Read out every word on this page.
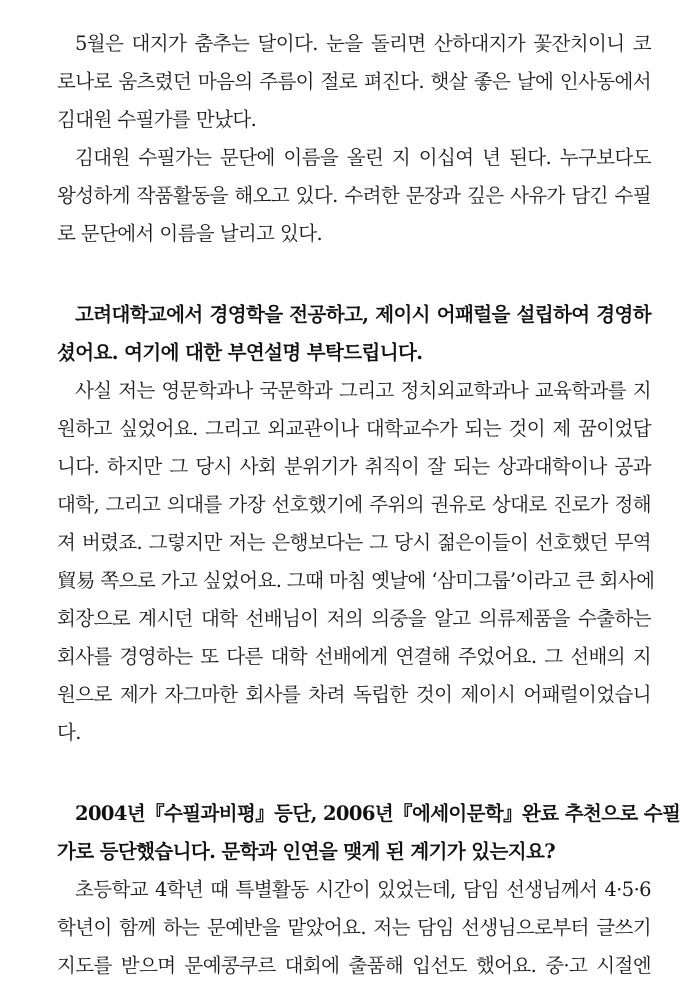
5월은 대지가 춤추는 달이다. 눈을 돌리면 산하대지가 꽃잔치이니 코
로나로 움츠렸던 마음의 주름이 절로 펴진다. 햇살 좋은 날에 인사동에서
김대원 수필가를 만났다.
김대원 수필가는 문단에 이름을 올린 지 이십여 년 된다. 누구보다도
왕성하게 작품활동을 해오고 있다. 수려한 문장과 깊은 사유가 담긴 수필
로 문단에서 이름을 날리고 있다.
고려대학교에서 경영학을 전공하고, 제이시 어패럴을 설립하여 경영하
셨어요. 여기에 대한 부연설명 부탁드립니다.
사실 저는 영문학과나 국문학과 그리고 정치외교학과나 교육학과를 지
원하고 싶었어요. 그리고 외교관이나 대학교수가 되는 것이 제 꿈이었답
니다. 하지만 그 당시 사회 분위기가 취직이 잘 되는 상과대학이나 공과
대학, 그리고 의대를 가장 선호했기에 주위의 권유로 상대로 진로가 정해
져 버렸죠. 그렇지만 저는 은행보다는 그 당시 젊은이들이 선호했던 무역
貿易 쪽으로 가고 싶었어요. 그때 마침 옛날에 ‘삼미그룹’이라고 큰 회사에
회장으로 계시던 대학 선배님이 저의 의중을 알고 의류제품을 수출하는
회사를 경영하는 또 다른 대학 선배에게 연결해 주었어요. 그 선배의 지
원으로 제가 자그마한 회사를 차려 독립한 것이 제이시 어패럴이었습니
다.
2004년『수필과비평』등단, 2006년『에세이문학』완료 추천으로 수필
가로 등단했습니다. 문학과 인연을 맺게 된 계기가 있는지요?
초등학교 4학년 때 특별활동 시간이 있었는데, 담임 선생님께서 4·5·6
학년이 함께 하는 문예반을 맡았어요. 저는 담임 선생님으로부터 글쓰기
지도를 받으며 문예콩쿠르 대회에 출품해 입선도 했어요. 중·고 시절엔
